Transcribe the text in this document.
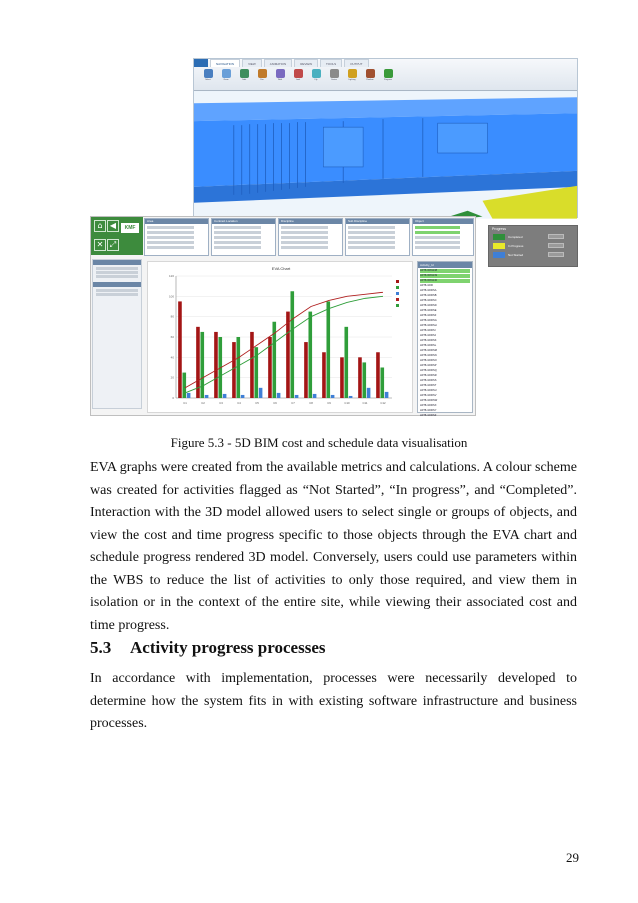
NAVIGATION	VIEW	ANIMATION	REVIEW	TOOLS	OUTPUT
Select	Zoom	Orbit	Pan	Walk	Look	Fly	Center	Lighting	Realism	Progress
⌂ ◀
✕ ⤢
KMF
Area	Contract Location	Discipline	Sub Discipline	Object
EVA Chart
0
20
40
60
80
100
120
C1	C2	C3	C4	C5	C6	C7	C8	C9	C10	C11	C12
Activity_Id
H0T8-0081138
H0T8-0081139
H0T8-0081140
H0T8-1000
H0T8-1000SA
H0T8-1000SB
H0T8-1000SC
H0T8-1000SD
H0T8-1000SE
H0T8-1000SF
H0T8-1000SG
H0T8-1000SH
H0T8-1000SI
H0T8-1000SJ
H0T8-1000SK
H0T8-1000SL
H0T8-1000SM
H0T8-1000SN
H0T8-1000SO
H0T8-1000SP
H0T8-1000SQ
H0T8-1000SR
H0T8-1000SS
H0T8-1000ST
H0T8-1000SU
H0T8-1000SV
H0T8-1000SW
H0T8-1000SX
H0T8-1000SY
H0T8-1000SZ
Progress
Completed
In Progress
Not Started
Figure 5.3 - 5D BIM cost and schedule data visualisation

EVA graphs were created from the available metrics and calculations. A colour scheme was created for activities flagged as “Not Started”, “In progress”, and “Completed”. Interaction with the 3D model allowed users to select single or groups of objects, and view the cost and time progress specific to those objects through the EVA chart and schedule progress rendered 3D model. Conversely, users could use parameters within the WBS to reduce the list of activities to only those required, and view them in isolation or in the context of the entire site, while viewing their associated cost and time progress.

5.3 Activity progress processes

In accordance with implementation, processes were necessarily developed to determine how the system fits in with existing software infrastructure and business processes.

29
